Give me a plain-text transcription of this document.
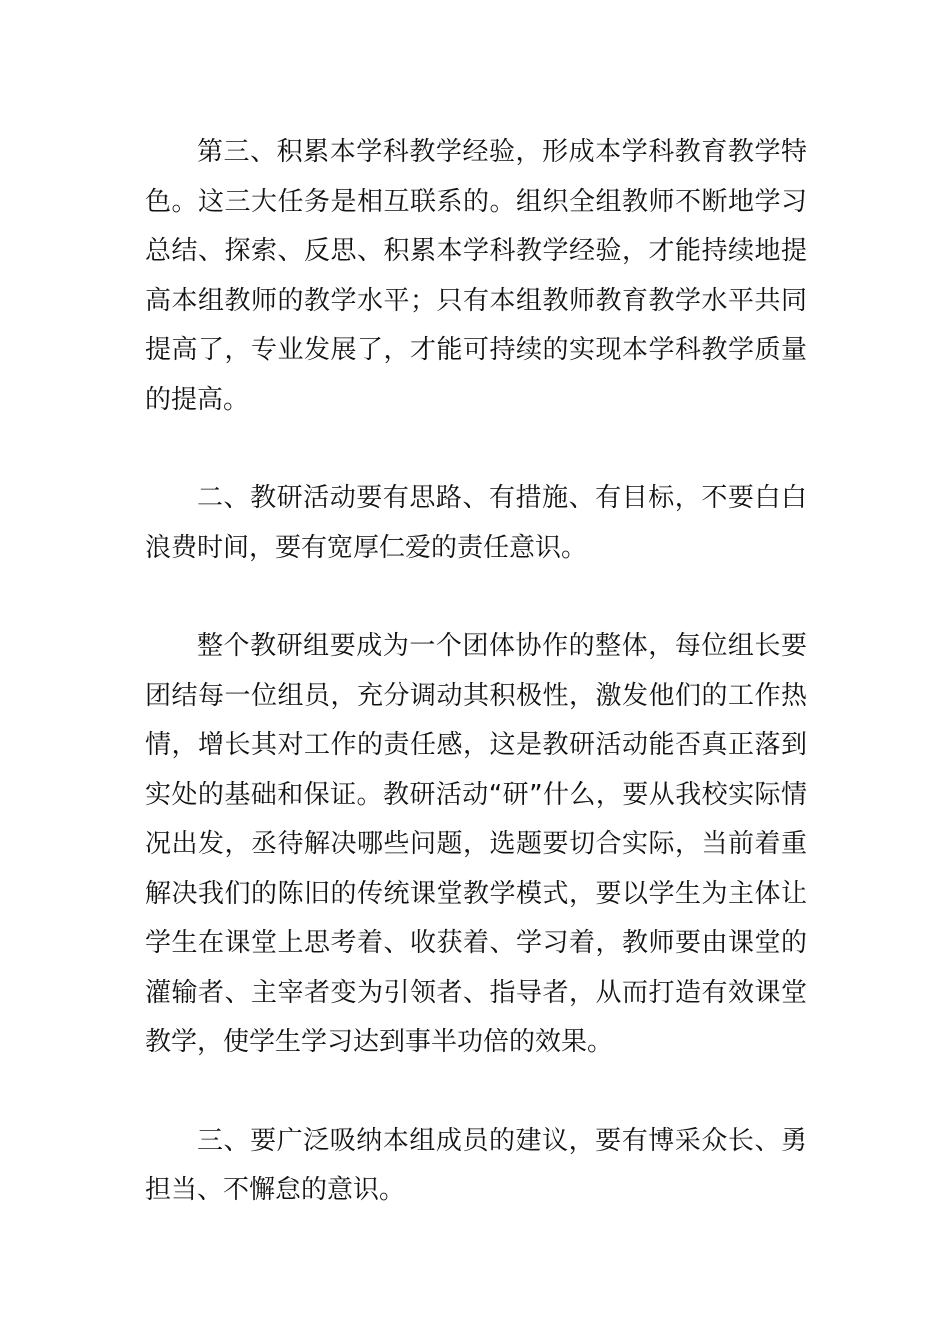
第三、积累本学科教学经验，形成本学科教育教学特色。这三大任务是相互联系的。组织全组教师不断地学习总结、探索、反思、积累本学科教学经验，才能持续地提高本组教师的教学水平；只有本组教师教育教学水平共同提高了，专业发展了，才能可持续的实现本学科教学质量的提高。

二、教研活动要有思路、有措施、有目标，不要白白浪费时间，要有宽厚仁爱的责任意识。

整个教研组要成为一个团体协作的整体，每位组长要团结每一位组员，充分调动其积极性，激发他们的工作热情，增长其对工作的责任感，这是教研活动能否真正落到实处的基础和保证。教研活动“研”什么，要从我校实际情况出发，丞待解决哪些问题，选题要切合实际，当前着重解决我们的陈旧的传统课堂教学模式，要以学生为主体让学生在课堂上思考着、收获着、学习着，教师要由课堂的灌输者、主宰者变为引领者、指导者，从而打造有效课堂教学，使学生学习达到事半功倍的效果。

三、要广泛吸纳本组成员的建议，要有博采众长、勇担当、不懈怠的意识。
